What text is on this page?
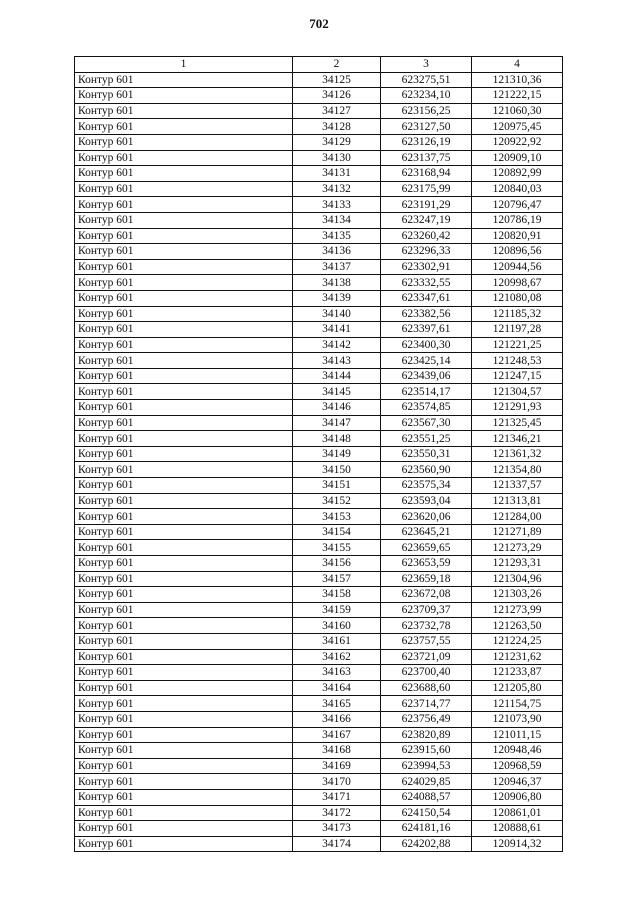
702
1	2	3	4
Контур 601	34125	623275,51	121310,36
Контур 601	34126	623234,10	121222,15
Контур 601	34127	623156,25	121060,30
Контур 601	34128	623127,50	120975,45
Контур 601	34129	623126,19	120922,92
Контур 601	34130	623137,75	120909,10
Контур 601	34131	623168,94	120892,99
Контур 601	34132	623175,99	120840,03
Контур 601	34133	623191,29	120796,47
Контур 601	34134	623247,19	120786,19
Контур 601	34135	623260,42	120820,91
Контур 601	34136	623296,33	120896,56
Контур 601	34137	623302,91	120944,56
Контур 601	34138	623332,55	120998,67
Контур 601	34139	623347,61	121080,08
Контур 601	34140	623382,56	121185,32
Контур 601	34141	623397,61	121197,28
Контур 601	34142	623400,30	121221,25
Контур 601	34143	623425,14	121248,53
Контур 601	34144	623439,06	121247,15
Контур 601	34145	623514,17	121304,57
Контур 601	34146	623574,85	121291,93
Контур 601	34147	623567,30	121325,45
Контур 601	34148	623551,25	121346,21
Контур 601	34149	623550,31	121361,32
Контур 601	34150	623560,90	121354,80
Контур 601	34151	623575,34	121337,57
Контур 601	34152	623593,04	121313,81
Контур 601	34153	623620,06	121284,00
Контур 601	34154	623645,21	121271,89
Контур 601	34155	623659,65	121273,29
Контур 601	34156	623653,59	121293,31
Контур 601	34157	623659,18	121304,96
Контур 601	34158	623672,08	121303,26
Контур 601	34159	623709,37	121273,99
Контур 601	34160	623732,78	121263,50
Контур 601	34161	623757,55	121224,25
Контур 601	34162	623721,09	121231,62
Контур 601	34163	623700,40	121233,87
Контур 601	34164	623688,60	121205,80
Контур 601	34165	623714,77	121154,75
Контур 601	34166	623756,49	121073,90
Контур 601	34167	623820,89	121011,15
Контур 601	34168	623915,60	120948,46
Контур 601	34169	623994,53	120968,59
Контур 601	34170	624029,85	120946,37
Контур 601	34171	624088,57	120906,80
Контур 601	34172	624150,54	120861,01
Контур 601	34173	624181,16	120888,61
Контур 601	34174	624202,88	120914,32
